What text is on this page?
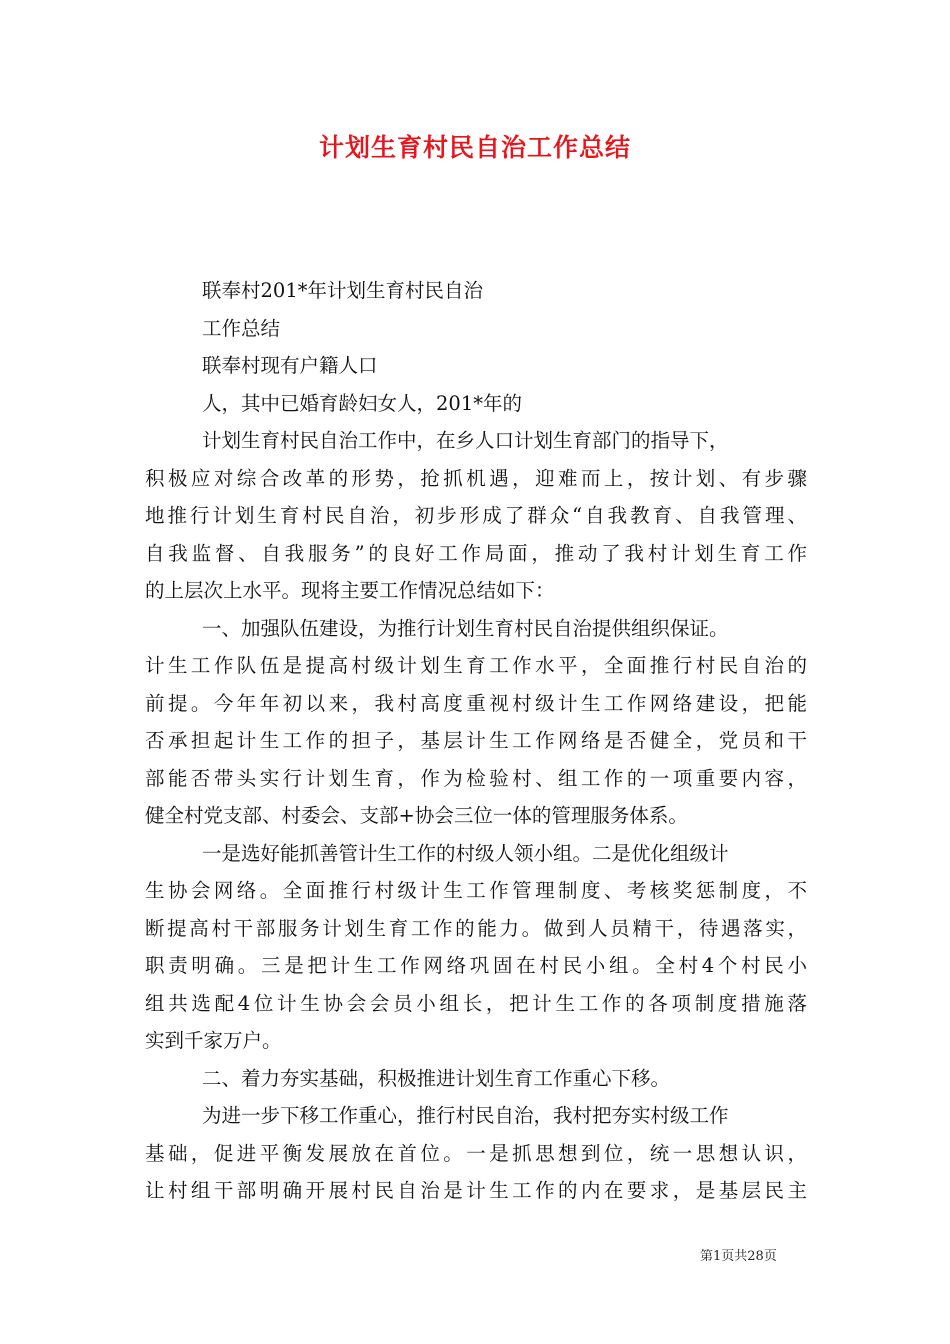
计划生育村民自治工作总结
联奉村201*年计划生育村民自治
工作总结
联奉村现有户籍人口
人，其中已婚育龄妇女人，201*年的
计划生育村民自治工作中，在乡人口计划生育部门的指导下，
积极应对综合改革的形势，抢抓机遇，迎难而上，按计划、有步骤
地推行计划生育村民自治，初步形成了群众“自我教育、自我管理、
自我监督、自我服务”的良好工作局面，推动了我村计划生育工作
的上层次上水平。现将主要工作情况总结如下：
一、加强队伍建设，为推行计划生育村民自治提供组织保证。
计生工作队伍是提高村级计划生育工作水平，全面推行村民自治的
前提。今年年初以来，我村高度重视村级计生工作网络建设，把能
否承担起计生工作的担子，基层计生工作网络是否健全，党员和干
部能否带头实行计划生育，作为检验村、组工作的一项重要内容，
健全村党支部、村委会、支部+协会三位一体的管理服务体系。
一是选好能抓善管计生工作的村级人领小组。二是优化组级计
生协会网络。全面推行村级计生工作管理制度、考核奖惩制度，不
断提高村干部服务计划生育工作的能力。做到人员精干，待遇落实，
职责明确。三是把计生工作网络巩固在村民小组。全村4个村民小
组共选配4位计生协会会员小组长，把计生工作的各项制度措施落
实到千家万户。
二、着力夯实基础，积极推进计划生育工作重心下移。
为进一步下移工作重心，推行村民自治，我村把夯实村级工作
基础，促进平衡发展放在首位。一是抓思想到位，统一思想认识，
让村组干部明确开展村民自治是计生工作的内在要求，是基层民主
第1页共28页
